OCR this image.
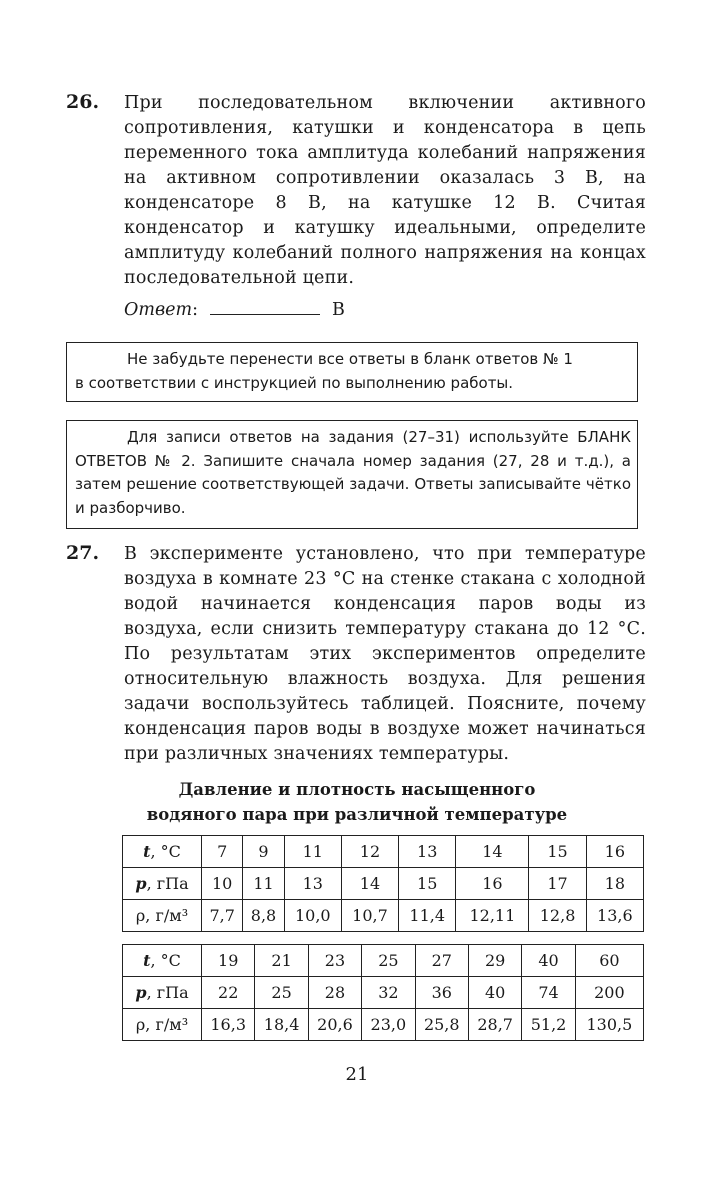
26. При последовательном включении активного сопротивления, катушки и конденсатора в цепь переменного тока амплитуда колебаний напряжения на активном сопротивлении оказалась 3 В, на конденсаторе 8 В, на катушке 12 В. Считая конденсатор и катушку идеальными, определите амплитуду колебаний полного напряжения на концах последовательной цепи.
Ответ :	В

Не забудьте перенести все ответы в бланк ответов № 1

в соответствии с инструкцией по выполнению работы.

Для записи ответов на задания (27–31) используйте БЛАНК ОТВЕТОВ № 2. Запишите сначала номер задания (27, 28 и т.д.), а затем решение соответствующей задачи. Ответы записывайте чётко и разборчиво.

27. В эксперименте установлено, что при температуре воздуха в комнате 23 °С на стенке стакана с холодной водой начинается конденсация паров воды из воздуха, если снизить температуру стакана до 12 °С. По результатам этих экспериментов определите относительную влажность воздуха. Для решения задачи воспользуйтесь таблицей. Поясните, почему конденсация паров воды в воздухе может начинаться при различных значениях температуры.
Давление и плотность насыщенного
водяного пара при различной температуре
t, °С	7	9	11	12	13	14	15	16
p, гПа	10	11	13	14	15	16	17	18
ρ, г/м³	7,7	8,8	10,0	10,7	11,4	12,11	12,8	13,6
t, °С	19	21	23	25	27	29	40	60
p, гПа	22	25	28	32	36	40	74	200
ρ, г/м³	16,3	18,4	20,6	23,0	25,8	28,7	51,2	130,5
21
